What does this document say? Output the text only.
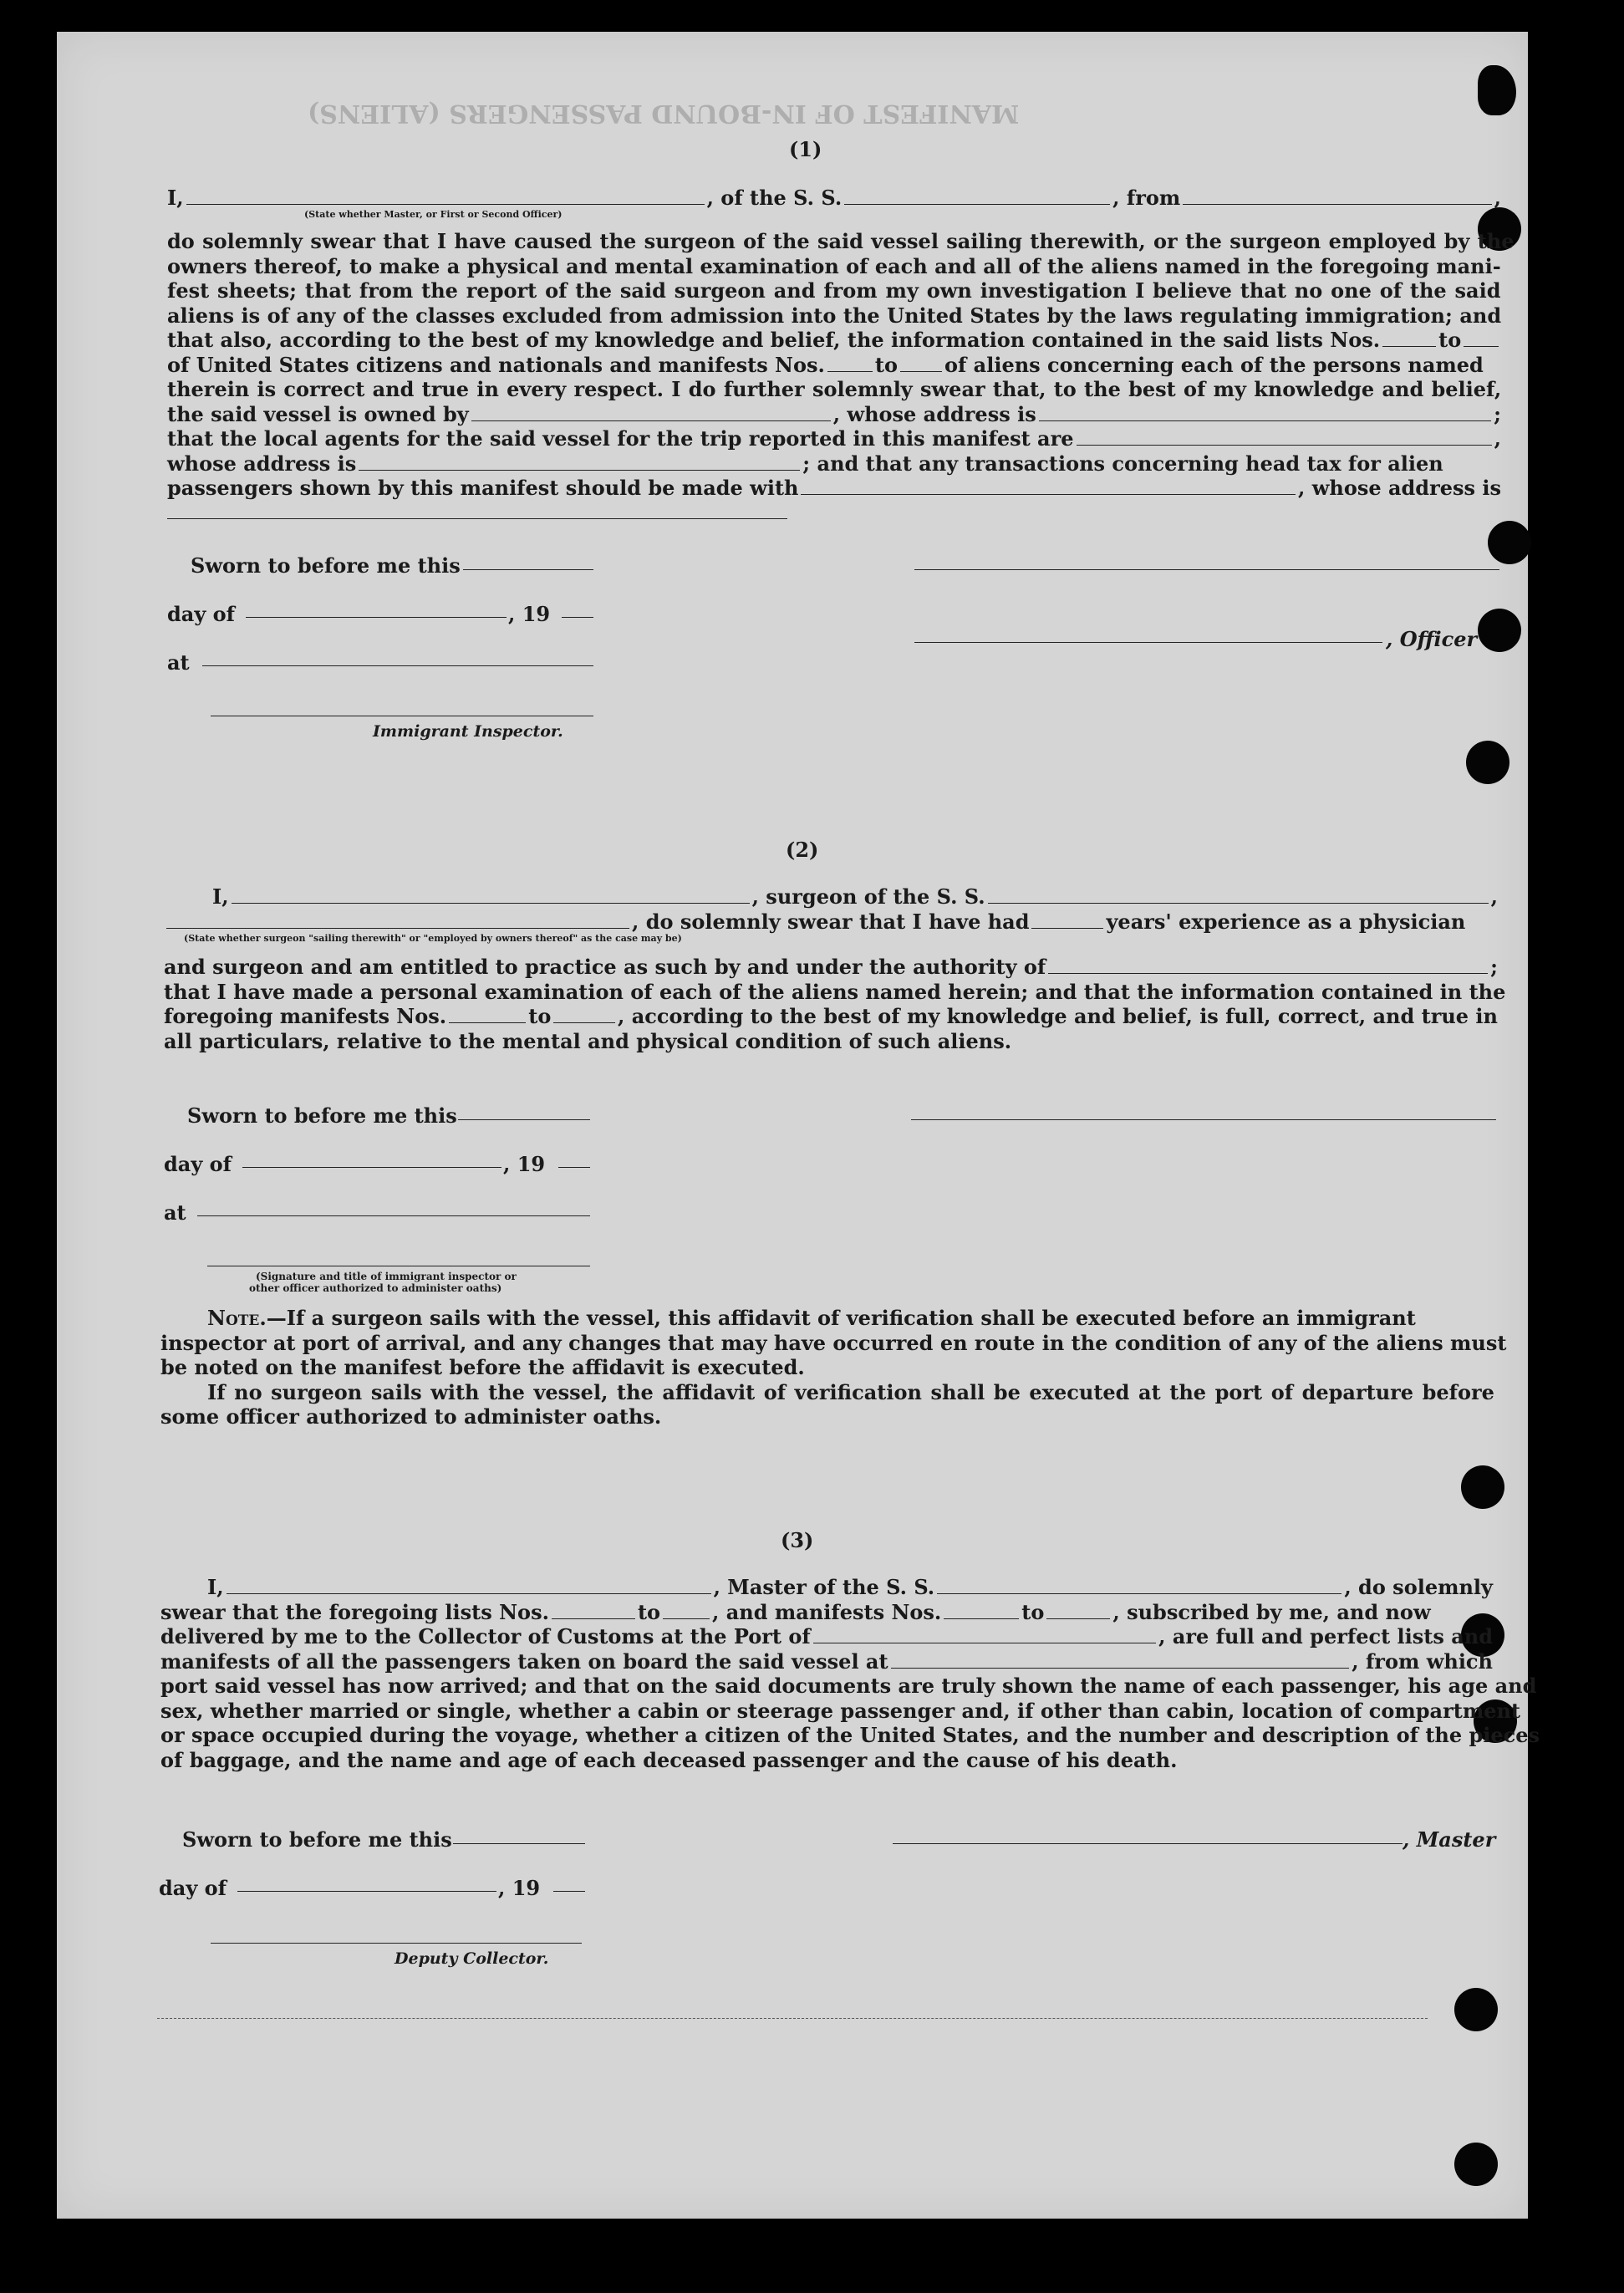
MANIFEST OF IN-BOUND PASSENGERS (ALIENS)
(1)
I,	, of the S. S.	, from	,
(State whether Master, or First or Second Officer)
do solemnly swear that I have caused the surgeon of the said vessel sailing therewith, or the surgeon employed by the
owners thereof, to make a physical and mental examination of each and all of the aliens named in the foregoing mani-
fest sheets; that from the report of the said surgeon and from my own investigation I believe that no one of the said
aliens is of any of the classes excluded from admission into the United States by the laws regulating immigration; and
that also, according to the best of my knowledge and belief, the information contained in the said lists Nos.	to
of United States citizens and nationals and manifests Nos.	to of aliens concerning each of the persons named
therein is correct and true in every respect. I do further solemnly swear that, to the best of my knowledge and belief,
the said vessel is owned by	, whose address is	;
that the local agents for the said vessel for the trip reported in this manifest are	,
whose address is	; and that any transactions concerning head tax for alien
passengers shown by this manifest should be made with	, whose address is
Sworn to before me this
day of	, 19
, Officer
at
Immigrant Inspector.
(2)
I,	, surgeon of the S. S.	,
, do solemnly swear that I have had	years' experience as a physician
(State whether surgeon "sailing therewith" or "employed by owners thereof" as the case may be)
and surgeon and am entitled to practice as such by and under the authority of	;
that I have made a personal examination of each of the aliens named herein; and that the information contained in the
foregoing manifests Nos.	to	, according to the best of my knowledge and belief, is full, correct, and true in
all particulars, relative to the mental and physical condition of such aliens.
Sworn to before me this
day of	, 19
at
(Signature and title of immigrant inspector or
other officer authorized to administer oaths)
Note.—If a surgeon sails with the vessel, this affidavit of verification shall be executed before an immigrant
inspector at port of arrival, and any changes that may have occurred en route in the condition of any of the aliens must
be noted on the manifest before the affidavit is executed.
If no surgeon sails with the vessel, the affidavit of verification shall be executed at the port of departure before
some officer authorized to administer oaths.
(3)
I,	, Master of the S. S.	, do solemnly
swear that the foregoing lists Nos.	to	, and manifests Nos.	to	, subscribed by me, and now
delivered by me to the Collector of Customs at the Port of	, are full and perfect lists and
manifests of all the passengers taken on board the said vessel at	, from which
port said vessel has now arrived; and that on the said documents are truly shown the name of each passenger, his age and
sex, whether married or single, whether a cabin or steerage passenger and, if other than cabin, location of compartment
or space occupied during the voyage, whether a citizen of the United States, and the number and description of the pieces
of baggage, and the name and age of each deceased passenger and the cause of his death.
Sworn to before me this	, Master
day of	, 19
Deputy Collector.
